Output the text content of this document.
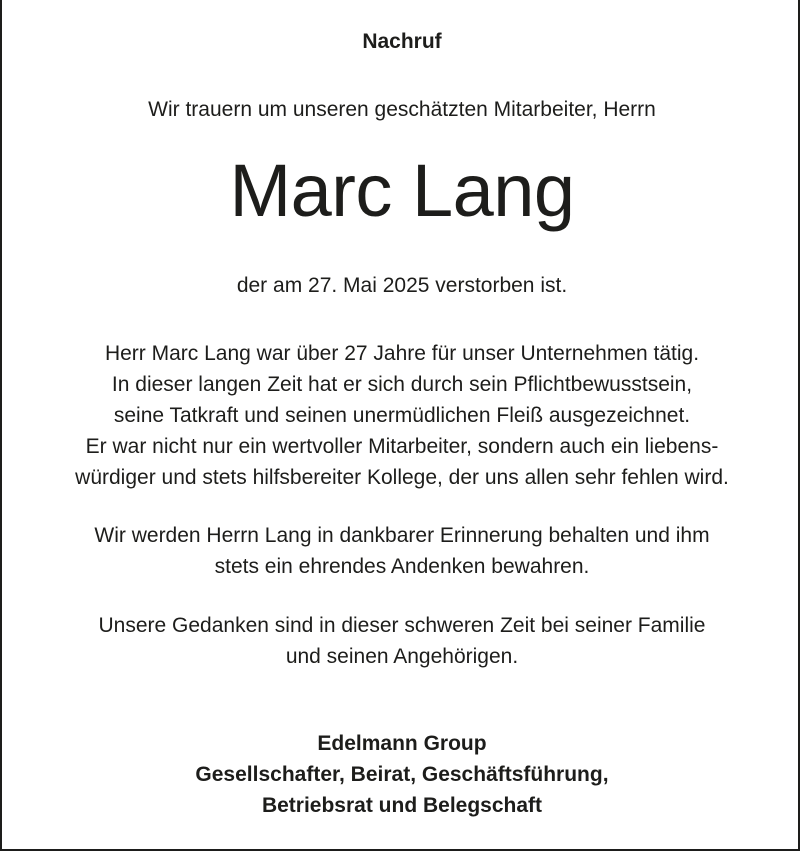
Nachruf
Wir trauern um unseren geschätzten Mitarbeiter, Herrn
Marc Lang
der am 27. Mai 2025 verstorben ist.
Herr Marc Lang war über 27 Jahre für unser Unternehmen tätig.
In dieser langen Zeit hat er sich durch sein Pflichtbewusstsein,
seine Tatkraft und seinen unermüdlichen Fleiß ausgezeichnet.
Er war nicht nur ein wertvoller Mitarbeiter, sondern auch ein liebens-
würdiger und stets hilfsbereiter Kollege, der uns allen sehr fehlen wird.
Wir werden Herrn Lang in dankbarer Erinnerung behalten und ihm
stets ein ehrendes Andenken bewahren.
Unsere Gedanken sind in dieser schweren Zeit bei seiner Familie
und seinen Angehörigen.
Edelmann Group
Gesellschafter, Beirat, Geschäftsführung,
Betriebsrat und Belegschaft
